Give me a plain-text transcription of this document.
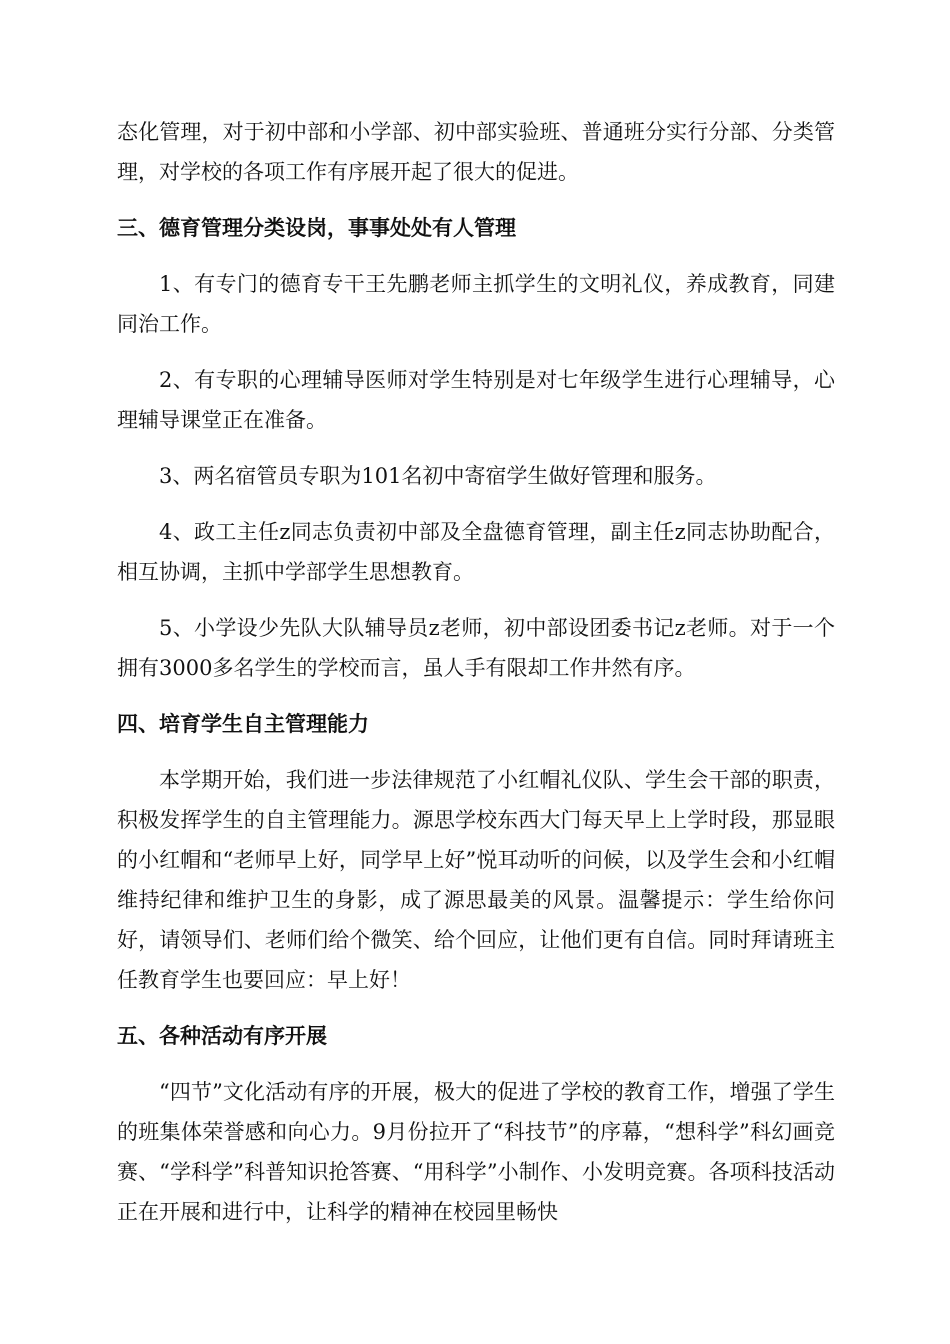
态化管理，对于初中部和小学部、初中部实验班、普通班分实行分部、分类管理，对学校的各项工作有序展开起了很大的促进。

三、德育管理分类设岗，事事处处有人管理

1、有专门的德育专干王先鹏老师主抓学生的文明礼仪，养成教育，同建同治工作。

2、有专职的心理辅导医师对学生特别是对七年级学生进行心理辅导，心理辅导课堂正在准备。

3、两名宿管员专职为101名初中寄宿学生做好管理和服务。

4、政工主任z同志负责初中部及全盘德育管理，副主任z同志协助配合，相互协调，主抓中学部学生思想教育。

5、小学设少先队大队辅导员z老师，初中部设团委书记z老师。对于一个拥有3000多名学生的学校而言，虽人手有限却工作井然有序。

四、培育学生自主管理能力

本学期开始，我们进一步法律规范了小红帽礼仪队、学生会干部的职责，积极发挥学生的自主管理能力。源思学校东西大门每天早上上学时段，那显眼的小红帽和“老师早上好，同学早上好”悦耳动听的问候，以及学生会和小红帽维持纪律和维护卫生的身影，成了源思最美的风景。温馨提示：学生给你问好，请领导们、老师们给个微笑、给个回应，让他们更有自信。同时拜请班主任教育学生也要回应：早上好！

五、各种活动有序开展

“四节”文化活动有序的开展，极大的促进了学校的教育工作，增强了学生的班集体荣誉感和向心力。9月份拉开了“科技节”的序幕，“想科学”科幻画竞赛、“学科学”科普知识抢答赛、“用科学”小制作、小发明竞赛。各项科技活动正在开展和进行中，让科学的精神在校园里畅快
